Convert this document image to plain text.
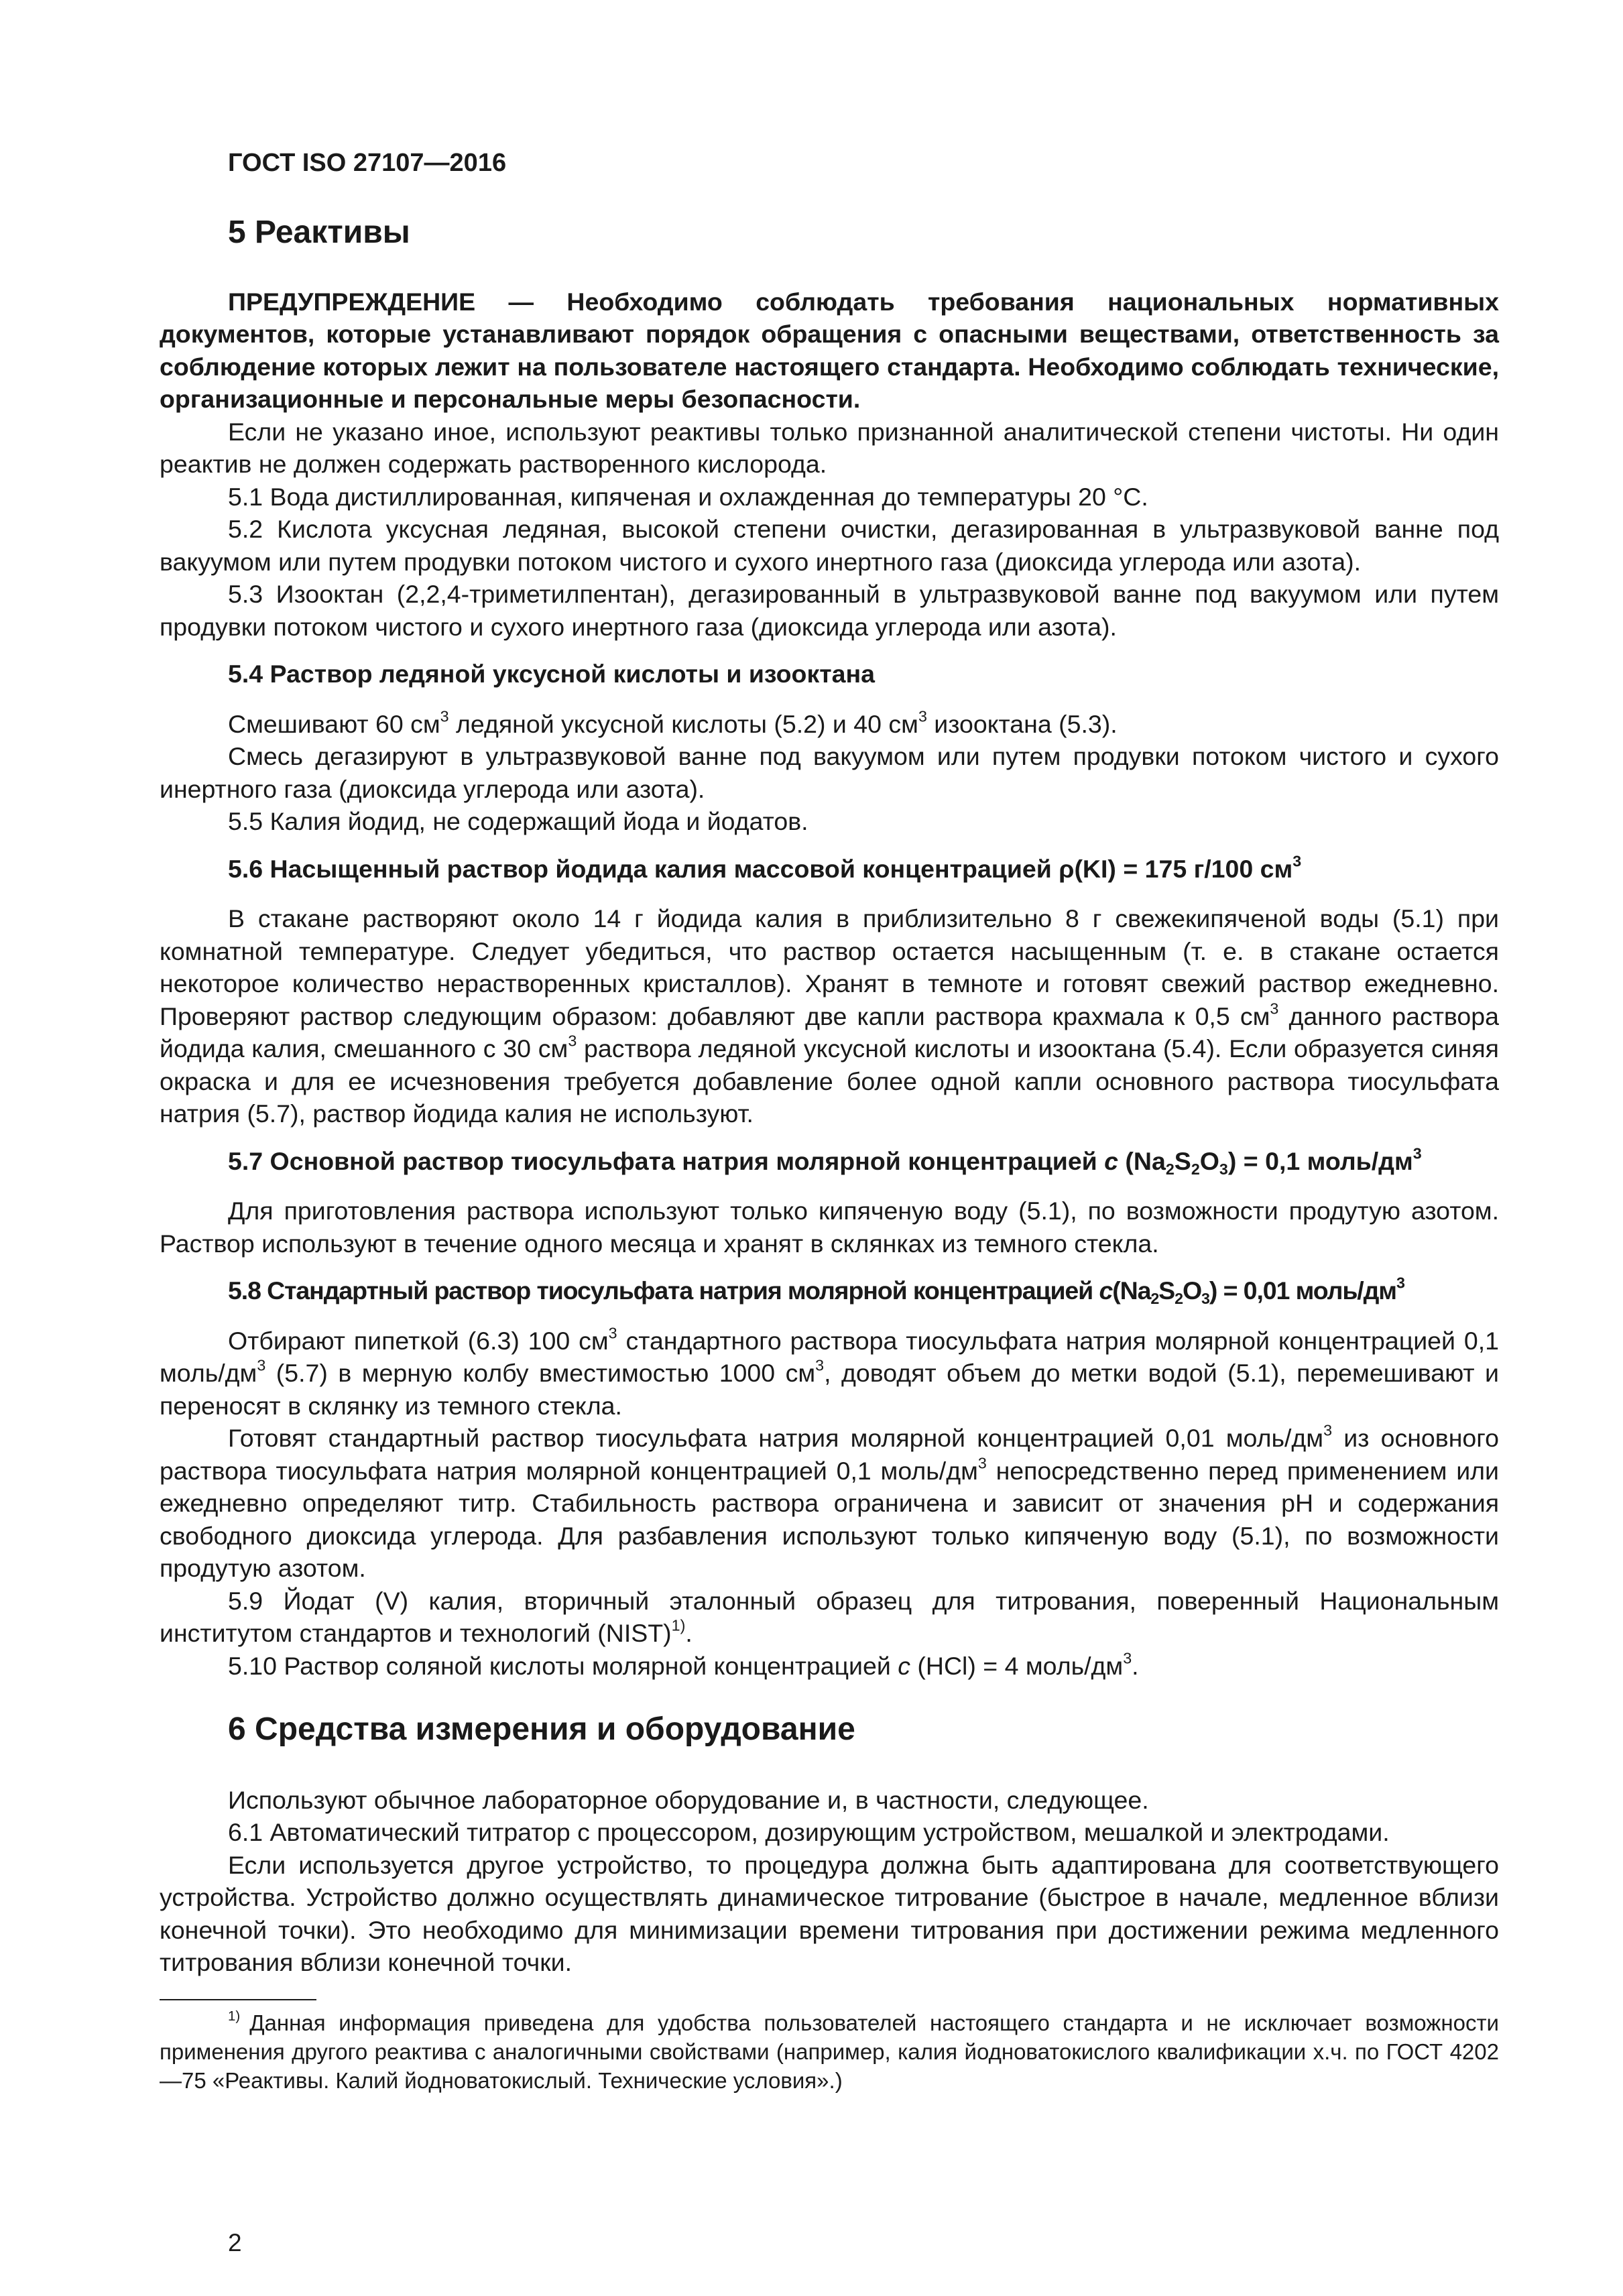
ГОСТ ISO 27107—2016

5 Реактивы

ПРЕДУПРЕЖДЕНИЕ — Необходимо соблюдать требования национальных нормативных документов, которые устанавливают порядок обращения с опасными веществами, ответственность за соблюдение которых лежит на пользователе настоящего стандарта. Необходимо соблюдать технические, организационные и персональные меры безопасности.

Если не указано иное, используют реактивы только признанной аналитической степени чистоты. Ни один реактив не должен содержать растворенного кислорода.

5.1 Вода дистиллированная, кипяченая и охлажденная до температуры 20 °С.

5.2 Кислота уксусная ледяная, высокой степени очистки, дегазированная в ультразвуковой ванне под вакуумом или путем продувки потоком чистого и сухого инертного газа (диоксида углерода или азота).

5.3 Изооктан (2,2,4-триметилпентан), дегазированный в ультразвуковой ванне под вакуумом или путем продувки потоком чистого и сухого инертного газа (диоксида углерода или азота).

5.4 Раствор ледяной уксусной кислоты и изооктана

Смешивают 60 $см^3$ ледяной уксусной кислоты (5.2) и 40 $см^3$ изооктана (5.3).

Смесь дегазируют в ультразвуковой ванне под вакуумом или путем продувки потоком чистого и сухого инертного газа (диоксида углерода или азота).

5.5 Калия йодид, не содержащий йода и йодатов.

5.6 Насыщенный раствор йодида калия массовой концентрацией ρ(KI) = 175 г/100 $см^3$

В стакане растворяют около 14 г йодида калия в приблизительно 8 г свежекипяченой воды (5.1) при комнатной температуре. Следует убедиться, что раствор остается насыщенным (т. е. в стакане остается некоторое количество нерастворенных кристаллов). Хранят в темноте и готовят свежий раствор ежедневно. Проверяют раствор следующим образом: добавляют две капли раствора крахмала к 0,5 $см^3$ данного раствора йодида калия, смешанного с 30 $см^3$ раствора ледяной уксусной кислоты и изооктана (5.4). Если образуется синяя окраска и для ее исчезновения требуется добавление более одной капли основного раствора тиосульфата натрия (5.7), раствор йодида калия не используют.

5.7 Основной раствор тиосульфата натрия молярной концентрацией c $(Na_2S_2O_3) = 0,1$ моль/$дм^3$

Для приготовления раствора используют только кипяченую воду (5.1), по возможности продутую азотом. Раствор используют в течение одного месяца и хранят в склянках из темного стекла.

5.8 Стандартный раствор тиосульфата натрия молярной концентрацией $c(Na_2S_2O_3) = 0,01$ моль/$дм^3$

Отбирают пипеткой (6.3) 100 $см^3$ стандартного раствора тиосульфата натрия молярной концентрацией 0,1 моль/$дм^3$ (5.7) в мерную колбу вместимостью 1000 $см^3$, доводят объем до метки водой (5.1), перемешивают и переносят в склянку из темного стекла.

Готовят стандартный раствор тиосульфата натрия молярной концентрацией 0,01 моль/$дм^3$ из основного раствора тиосульфата натрия молярной концентрацией 0,1 моль/$дм^3$ непосредственно перед применением или ежедневно определяют титр. Стабильность раствора ограничена и зависит от значения рН и содержания свободного диоксида углерода. Для разбавления используют только кипяченую воду (5.1), по возможности продутую азотом.

5.9 Йодат (V) калия, вторичный эталонный образец для титрования, поверенный Национальным институтом стандартов и технологий (NIST)$^{1)}$.

5.10 Раствор соляной кислоты молярной концентрацией c (HCl) = 4 моль/$дм^3$.

6 Средства измерения и оборудование

Используют обычное лабораторное оборудование и, в частности, следующее.

6.1 Автоматический титратор с процессором, дозирующим устройством, мешалкой и электродами.

Если используется другое устройство, то процедура должна быть адаптирована для соответствующего устройства. Устройство должно осуществлять динамическое титрование (быстрое в начале, медленное вблизи конечной точки). Это необходимо для минимизации времени титрования при достижении режима медленного титрования вблизи конечной точки.

$^{1)}$ Данная информация приведена для удобства пользователей настоящего стандарта и не исключает возможности применения другого реактива с аналогичными свойствами (например, калия йодноватокислого квалификации х.ч. по ГОСТ 4202—75 «Реактивы. Калий йодноватокислый. Технические условия».)

2
